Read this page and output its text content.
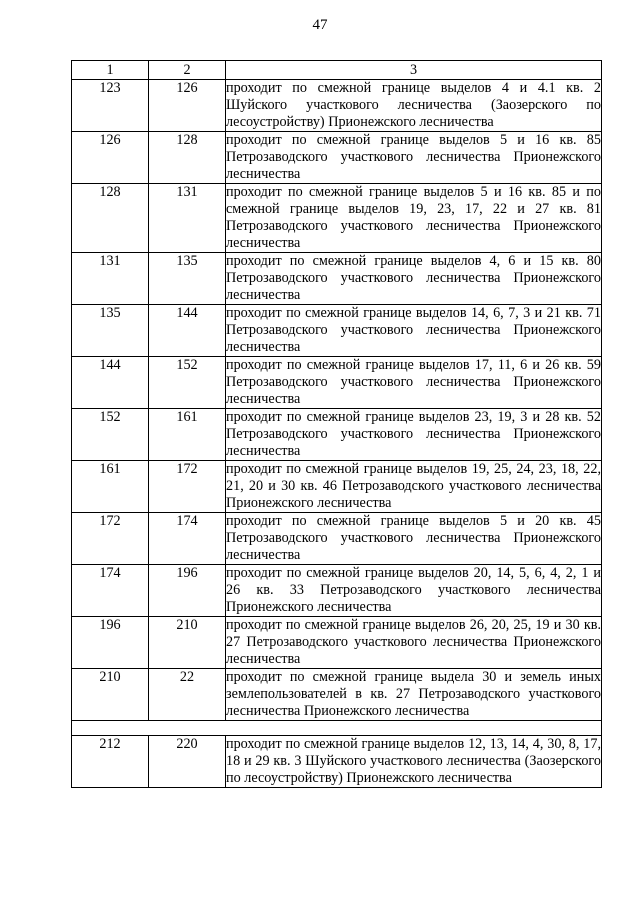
47
1	2	3
123	126	проходит по смежной границе выделов 4 и 4.1 кв. 2 Шуйского участкового лесничества (Заозерского по лесоустройству) Прионежского лесничества
126	128	проходит по смежной границе выделов 5 и 16 кв. 85 Петрозаводского участкового лесничества Прионежского лесничества
128	131	проходит по смежной границе выделов 5 и 16 кв. 85 и по смежной границе выделов 19, 23, 17, 22 и 27 кв. 81 Петрозаводского участкового лесничества Прионежского лесничества
131	135	проходит по смежной границе выделов 4, 6 и 15 кв. 80 Петрозаводского участкового лесничества Прионежского лесничества
135	144	проходит по смежной границе выделов 14, 6, 7, 3 и 21 кв. 71 Петрозаводского участкового лесничества Прионежского лесничества
144	152	проходит по смежной границе выделов 17, 11, 6 и 26 кв. 59 Петрозаводского участкового лесничества Прионежского лесничества
152	161	проходит по смежной границе выделов 23, 19, 3 и 28 кв. 52 Петрозаводского участкового лесничества Прионежского лесничества
161	172	проходит по смежной границе выделов 19, 25, 24, 23, 18, 22, 21, 20 и 30 кв. 46 Петрозаводского участкового лесничества Прионежского лесничества
172	174	проходит по смежной границе выделов 5 и 20 кв. 45 Петрозаводского участкового лесничества Прионежского лесничества
174	196	проходит по смежной границе выделов 20, 14, 5, 6, 4, 2, 1 и 26 кв. 33 Петрозаводского участкового лесничества Прионежского лесничества
196	210	проходит по смежной границе выделов 26, 20, 25, 19 и 30 кв. 27 Петрозаводского участкового лесничества Прионежского лесничества
210	22	проходит по смежной границе выдела 30 и земель иных землепользователей в кв. 27 Петрозаводского участкового лесничества Прионежского лесничества

212	220	проходит по смежной границе выделов 12, 13, 14, 4, 30, 8, 17, 18 и 29 кв. 3 Шуйского участкового лесничества (Заозерского по лесоустройству) Прионежского лесничества
